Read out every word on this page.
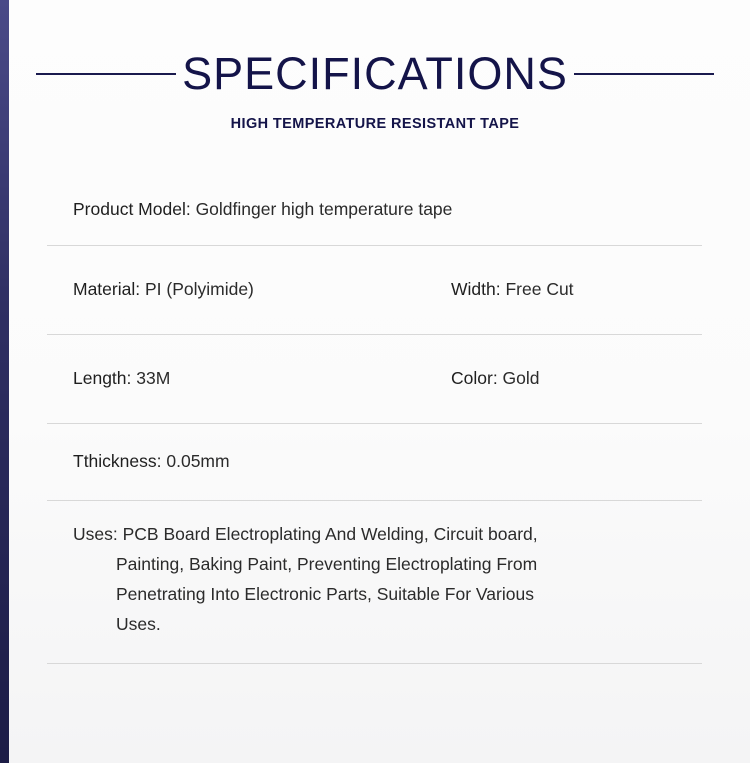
SPECIFICATIONS
HIGH TEMPERATURE RESISTANT TAPE
Product Model: Goldfinger high temperature tape
Material: PI (Polyimide)	Width: Free Cut
Length: 33M	Color: Gold
Tthickness: 0.05mm
Uses: PCB Board Electroplating And Welding, Circuit board,
Painting, Baking Paint, Preventing Electroplating From
Penetrating Into Electronic Parts, Suitable For Various
Uses.
